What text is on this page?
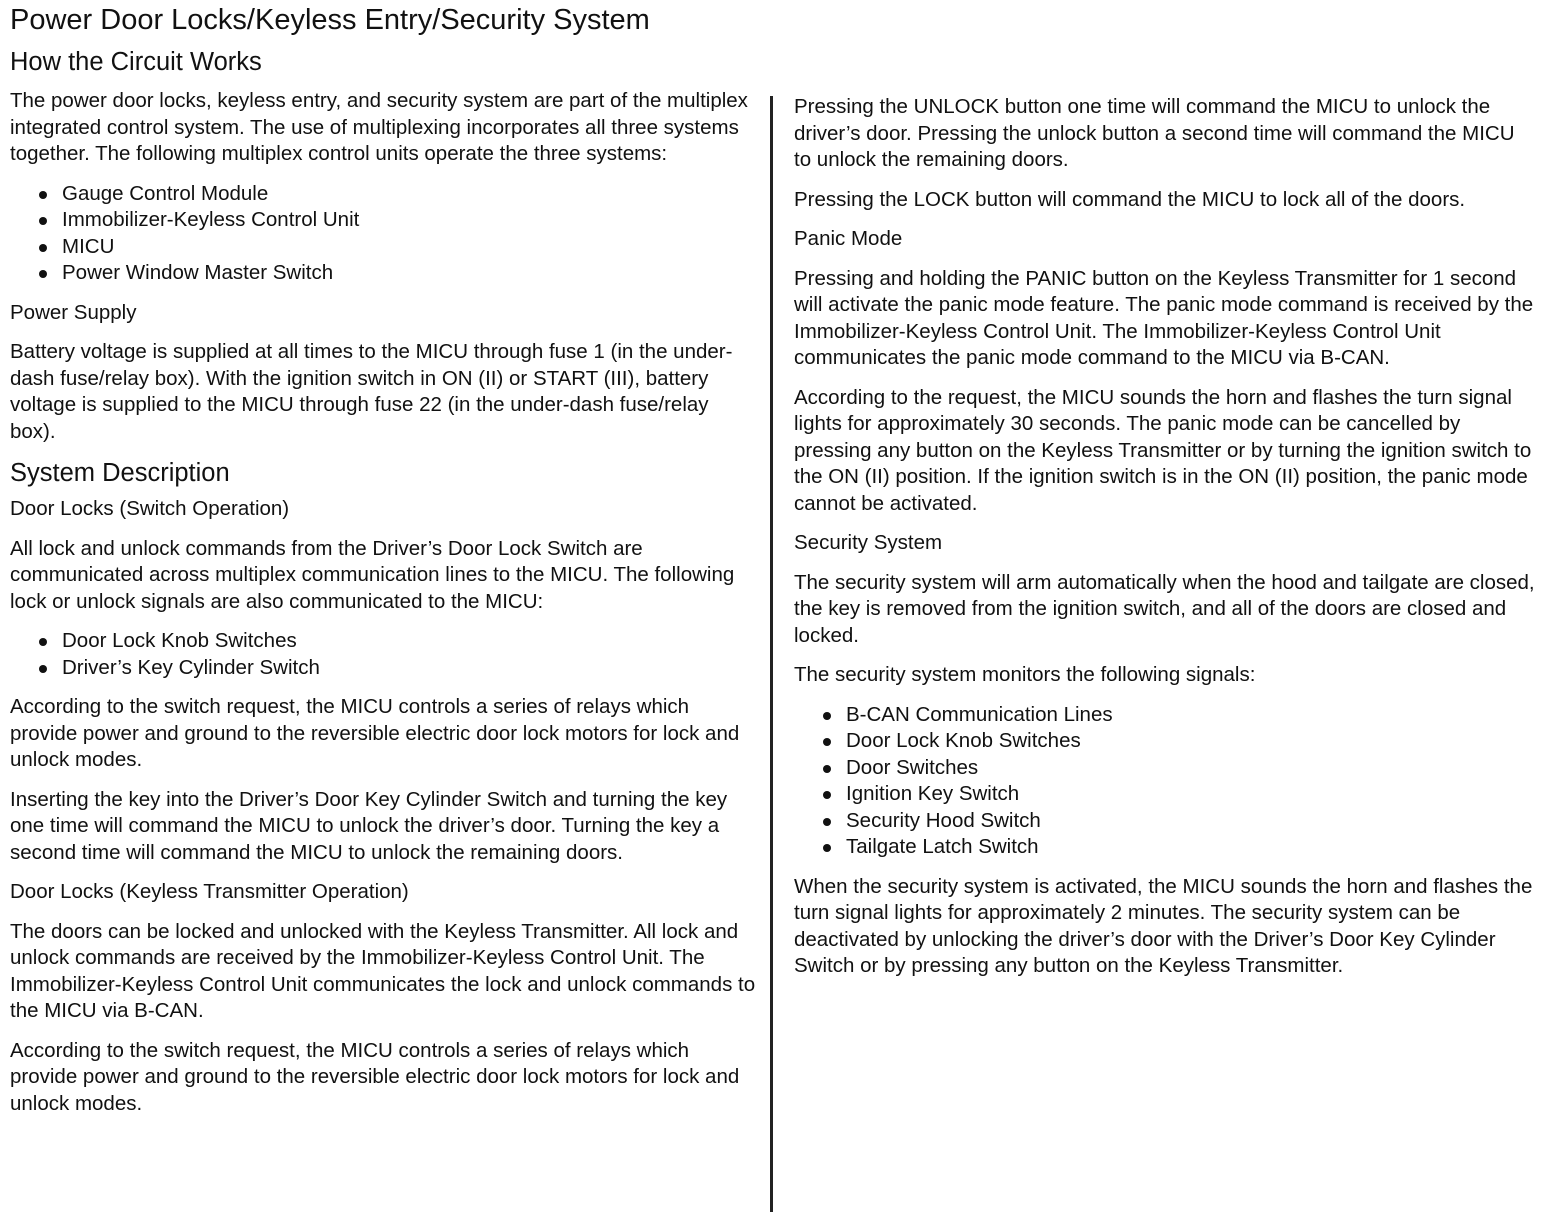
Power Door Locks/Keyless Entry/Security System
How the Circuit Works

The power door locks, keyless entry, and security system are part of the multiplex integrated control system. The use of multiplexing incorporates all three systems together. The following multiplex control units operate the three systems:

Gauge Control Module
Immobilizer-Keyless Control Unit
MICU
Power Window Master Switch
Power Supply

Battery voltage is supplied at all times to the MICU through fuse 1 (in the under-dash fuse/relay box). With the ignition switch in ON (II) or START (III), battery voltage is supplied to the MICU through fuse 22 (in the under-dash fuse/relay box).

System Description
Door Locks (Switch Operation)

All lock and unlock commands from the Driver’s Door Lock Switch are communicated across multiplex communication lines to the MICU. The following lock or unlock signals are also communicated to the MICU:

Door Lock Knob Switches
Driver’s Key Cylinder Switch

According to the switch request, the MICU controls a series of relays which provide power and ground to the reversible electric door lock motors for lock and unlock modes.

Inserting the key into the Driver’s Door Key Cylinder Switch and turning the key one time will command the MICU to unlock the driver’s door. Turning the key a second time will command the MICU to unlock the remaining doors.

Door Locks (Keyless Transmitter Operation)

The doors can be locked and unlocked with the Keyless Transmitter. All lock and unlock commands are received by the Immobilizer-Keyless Control Unit. The Immobilizer-Keyless Control Unit communicates the lock and unlock commands to the MICU via B-CAN.

According to the switch request, the MICU controls a series of relays which provide power and ground to the reversible electric door lock motors for lock and unlock modes.

Pressing the UNLOCK button one time will command the MICU to unlock the driver’s door. Pressing the unlock button a second time will command the MICU to unlock the remaining doors.

Pressing the LOCK button will command the MICU to lock all of the doors.

Panic Mode

Pressing and holding the PANIC button on the Keyless Transmitter for 1 second will activate the panic mode feature. The panic mode command is received by the Immobilizer-Keyless Control Unit. The Immobilizer-Keyless Control Unit communicates the panic mode command to the MICU via B-CAN.

According to the request, the MICU sounds the horn and flashes the turn signal lights for approximately 30 seconds. The panic mode can be cancelled by pressing any button on the Keyless Transmitter or by turning the ignition switch to the ON (II) position. If the ignition switch is in the ON (II) position, the panic mode cannot be activated.

Security System

The security system will arm automatically when the hood and tailgate are closed, the key is removed from the ignition switch, and all of the doors are closed and locked.

The security system monitors the following signals:

B-CAN Communication Lines
Door Lock Knob Switches
Door Switches
Ignition Key Switch
Security Hood Switch
Tailgate Latch Switch

When the security system is activated, the MICU sounds the horn and flashes the turn signal lights for approximately 2 minutes. The security system can be deactivated by unlocking the driver’s door with the Driver’s Door Key Cylinder Switch or by pressing any button on the Keyless Transmitter.
